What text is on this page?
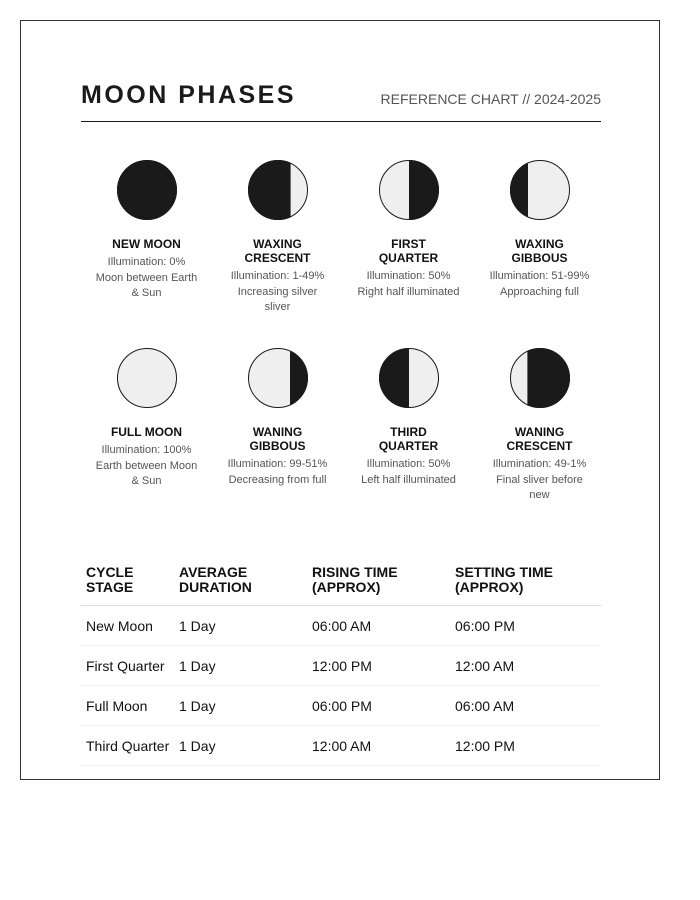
MOON PHASES	REFERENCE CHART // 2024-2025
NEW MOON
Illumination: 0%
Moon between Earth & Sun
WAXING CRESCENT
Illumination: 1-49%
Increasing silver sliver
FIRST QUARTER
Illumination: 50%
Right half illuminated
WAXING GIBBOUS
Illumination: 51-99%
Approaching full
FULL MOON
Illumination: 100%
Earth between Moon & Sun
WANING GIBBOUS
Illumination: 99-51%
Decreasing from full
THIRD QUARTER
Illumination: 50%
Left half illuminated
WANING CRESCENT
Illumination: 49-1%
Final sliver before new
CYCLE STAGE	AVERAGE DURATION	RISING TIME (APPROX)	SETTING TIME (APPROX)
New Moon	1 Day	06:00 AM	06:00 PM
First Quarter	1 Day	12:00 PM	12:00 AM
Full Moon	1 Day	06:00 PM	06:00 AM
Third Quarter	1 Day	12:00 AM	12:00 PM
